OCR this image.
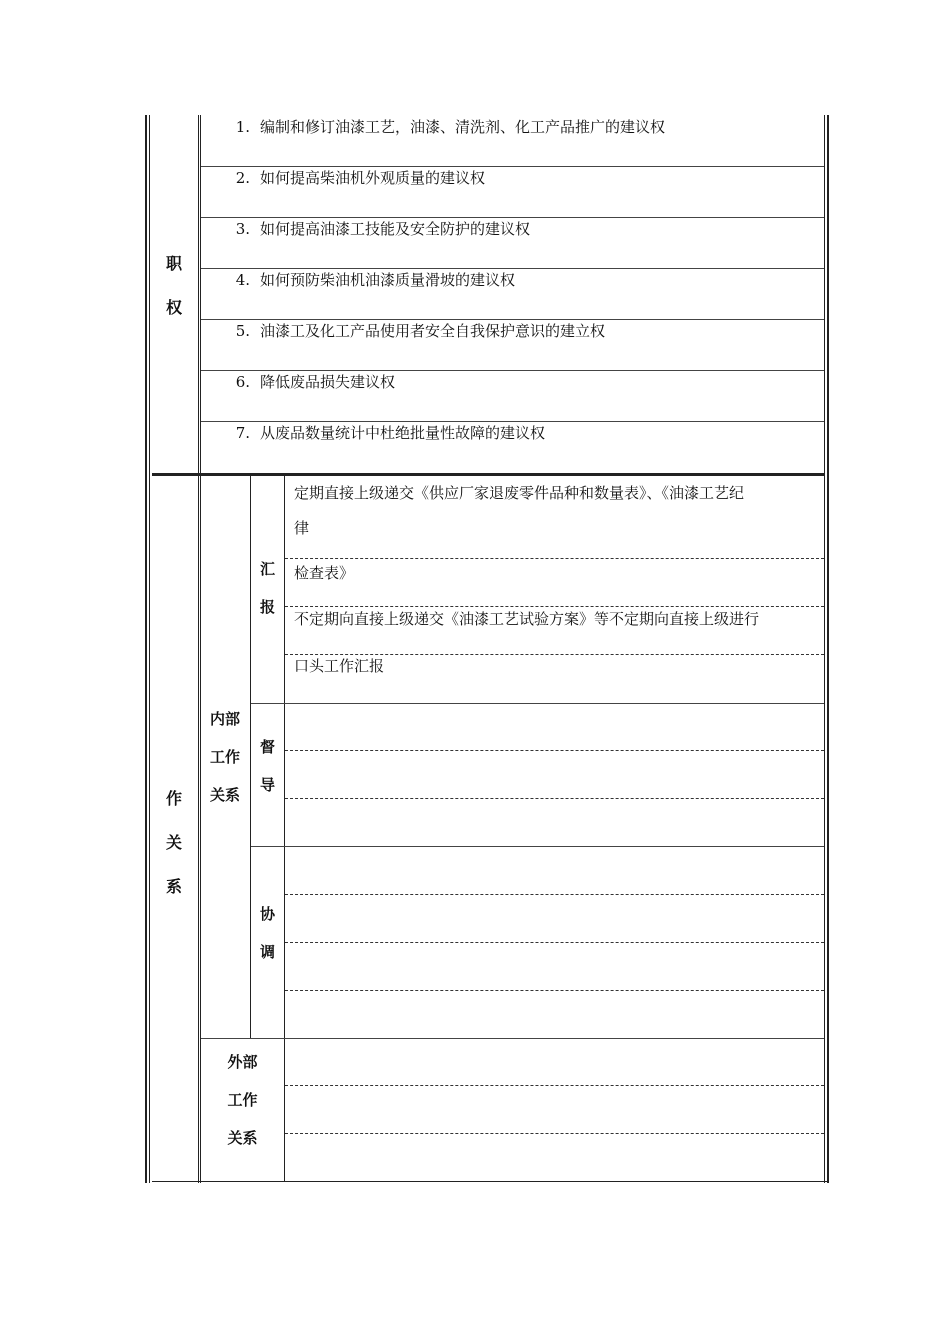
职
权
1. 编制和修订油漆工艺，油漆、清洗剂、化工产品推广的建议权
2. 如何提高柴油机外观质量的建议权
3. 如何提高油漆工技能及安全防护的建议权
4. 如何预防柴油机油漆质量滑坡的建议权
5. 油漆工及化工产品使用者安全自我保护意识的建立权
6. 降低废品损失建议权
7. 从废品数量统计中杜绝批量性故障的建议权
作
关
系
内部
工作
关系
汇
报
定期直接上级递交《供应厂家退废零件品种和数量表》、《油漆工艺纪
律
检查表》
不定期向直接上级递交《油漆工艺试验方案》等不定期向直接上级进行
口头工作汇报
督
导
协
调
外部
工作
关系
